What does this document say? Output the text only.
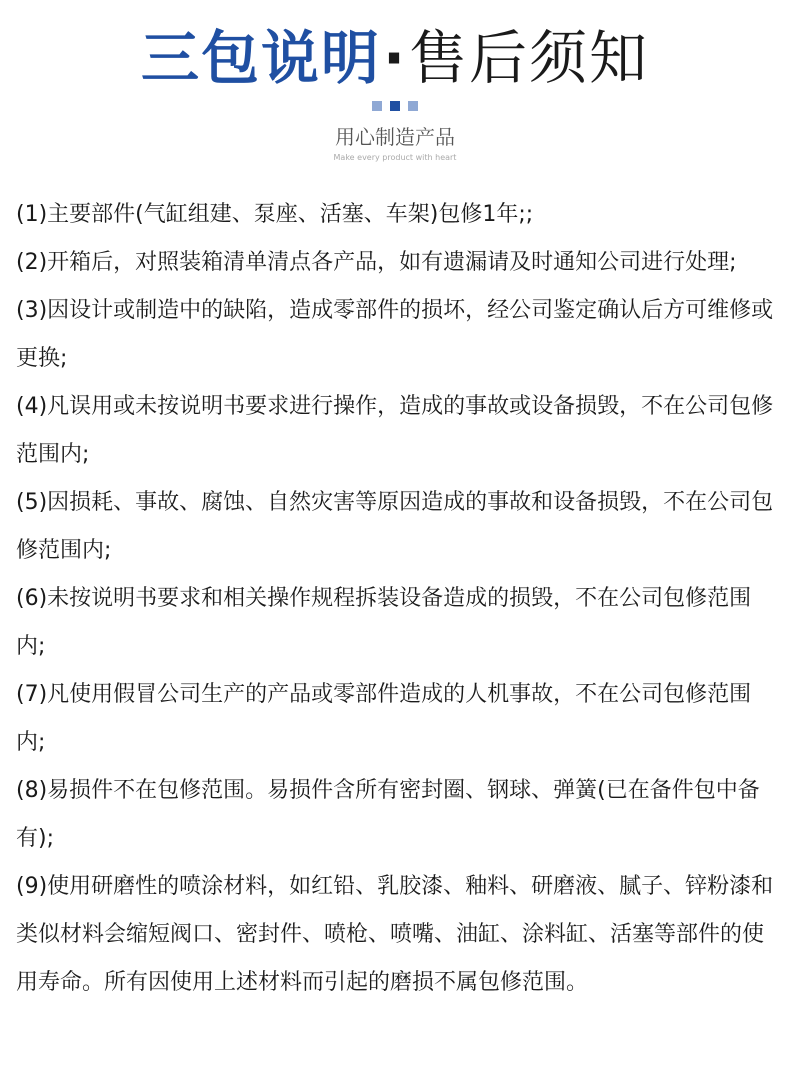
三包说明·售后须知
用心制造产品
Make every product with heart
(1)主要部件(气缸组建、泵座、活塞、车架)包修1年;;
(2)开箱后，对照装箱清单清点各产品，如有遗漏请及时通知公司进行处理;
(3)因设计或制造中的缺陷，造成零部件的损坏，经公司鉴定确认后方可维修或更换;
(4)凡误用或未按说明书要求进行操作，造成的事故或设备损毁，不在公司包修范围内;
(5)因损耗、事故、腐蚀、自然灾害等原因造成的事故和设备损毁，不在公司包修范围内;
(6)未按说明书要求和相关操作规程拆装设备造成的损毁，不在公司包修范围内;
(7)凡使用假冒公司生产的产品或零部件造成的人机事故，不在公司包修范围内;
(8)易损件不在包修范围。易损件含所有密封圈、钢球、弹簧(已在备件包中备有);
(9)使用研磨性的喷涂材料，如红铅、乳胶漆、釉料、研磨液、腻子、锌粉漆和类似材料会缩短阀口、密封件、喷枪、喷嘴、油缸、涂料缸、活塞等部件的使用寿命。所有因使用上述材料而引起的磨损不属包修范围。
